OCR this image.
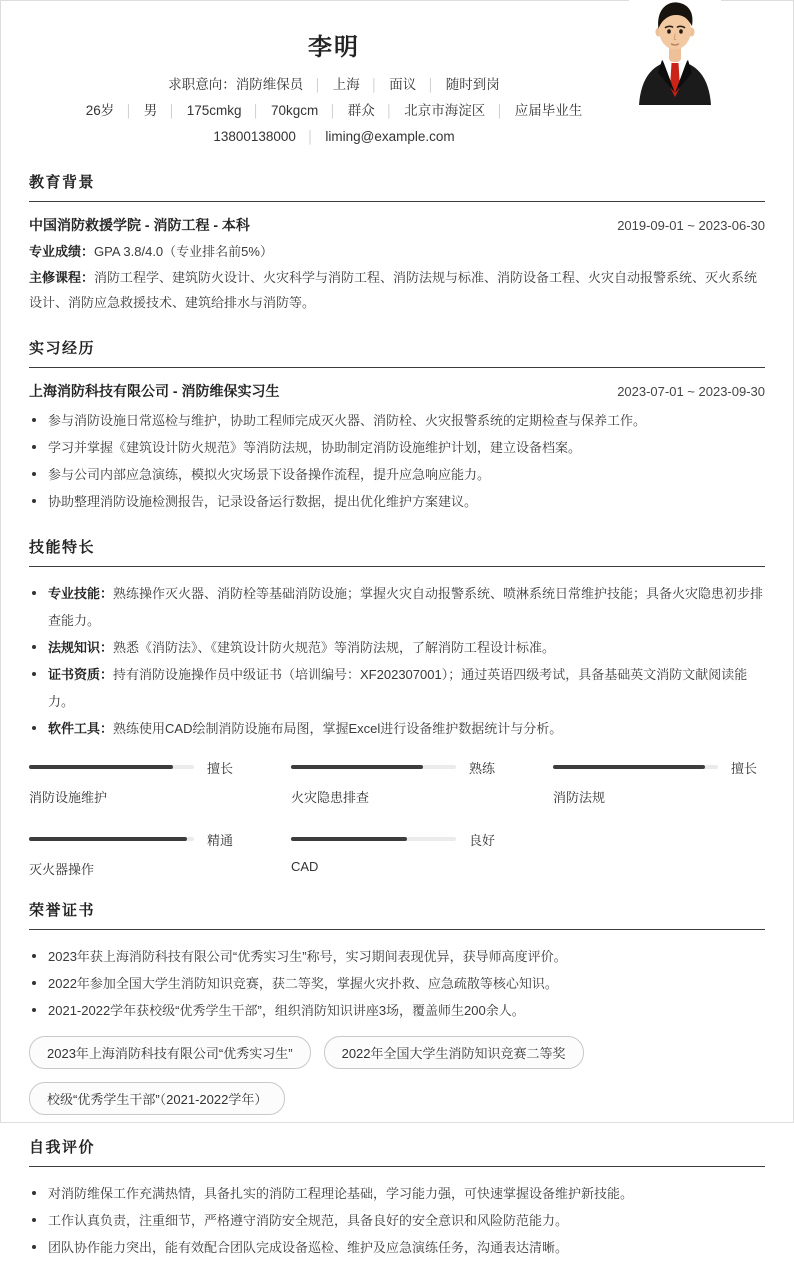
李明
求职意向：消防维保员 │ 上海 │ 面议 │ 随时到岗
26岁 │ 男 │ 175cmkg │ 70kgcm │ 群众 │ 北京市海淀区 │ 应届毕业生
13800138000 │ liming@example.com
教育背景
中国消防救援学院 - 消防工程 - 本科	2019-09-01 ~ 2023-06-30
专业成绩：GPA 3.8/4.0（专业排名前5%）
主修课程：消防工程学、建筑防火设计、火灾科学与消防工程、消防法规与标准、消防设备工程、火灾自动报警系统、灭火系统设计、消防应急救援技术、建筑给排水与消防等。
实习经历
上海消防科技有限公司 - 消防维保实习生	2023-07-01 ~ 2023-09-30
参与消防设施日常巡检与维护，协助工程师完成灭火器、消防栓、火灾报警系统的定期检查与保养工作。
学习并掌握《建筑设计防火规范》等消防法规，协助制定消防设施维护计划，建立设备档案。
参与公司内部应急演练，模拟火灾场景下设备操作流程，提升应急响应能力。
协助整理消防设施检测报告，记录设备运行数据，提出优化维护方案建议。
技能特长
专业技能：熟练操作灭火器、消防栓等基础消防设施；掌握火灾自动报警系统、喷淋系统日常维护技能；具备火灾隐患初步排查能力。
法规知识：熟悉《消防法》、《建筑设计防火规范》等消防法规，了解消防工程设计标准。
证书资质：持有消防设施操作员中级证书（培训编号：XF202307001）；通过英语四级考试，具备基础英文消防文献阅读能力。
软件工具：熟练使用CAD绘制消防设施布局图，掌握Excel进行设备维护数据统计与分析。
擅长
消防设施维护
熟练
火灾隐患排查
擅长
消防法规
精通
灭火器操作
良好
CAD
荣誉证书
2023年获上海消防科技有限公司“优秀实习生”称号，实习期间表现优异，获导师高度评价。
2022年参加全国大学生消防知识竞赛，获二等奖，掌握火灾扑救、应急疏散等核心知识。
2021-2022学年获校级“优秀学生干部”，组织消防知识讲座3场，覆盖师生200余人。
2023年上海消防科技有限公司“优秀实习生”	2022年全国大学生消防知识竞赛二等奖
校级“优秀学生干部”（2021-2022学年）
自我评价
对消防维保工作充满热情，具备扎实的消防工程理论基础，学习能力强，可快速掌握设备维护新技能。
工作认真负责，注重细节，严格遵守消防安全规范，具备良好的安全意识和风险防范能力。
团队协作能力突出，能有效配合团队完成设备巡检、维护及应急演练任务，沟通表达清晰。
